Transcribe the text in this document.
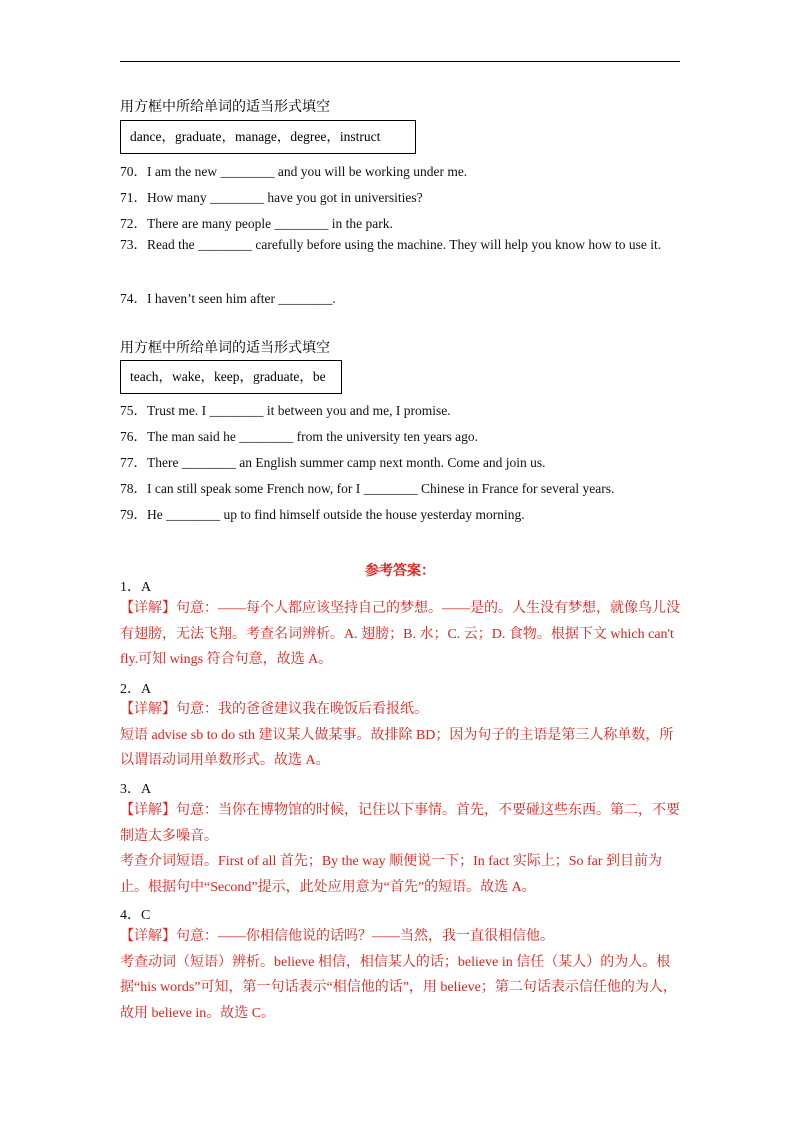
用方框中所给单词的适当形式填空
dance，graduate，manage，degree，instruct
70．I am the new ________ and you will be working under me.
71．How many ________ have you got in universities?
72．There are many people ________ in the park.
73．Read the ________ carefully before using the machine. They will help you know how to use it.
74．I haven’t seen him after ________.
用方框中所给单词的适当形式填空
teach，wake，keep，graduate，be
75．Trust me. I ________ it between you and me, I promise.
76．The man said he ________ from the university ten years ago.
77．There ________ an English summer camp next month. Come and join us.
78．I can still speak some French now, for I ________ Chinese in France for several years.
79．He ________ up to find himself outside the house yesterday morning.
参考答案：
1．A
【详解】句意：——每个人都应该坚持自己的梦想。——是的。人生没有梦想，就像鸟儿没有翅膀，无法飞翔。考查名词辨析。A. 翅膀；B. 水；C. 云；D. 食物。根据下文 which can't fly.可知 wings 符合句意，故选 A。
2．A
【详解】句意：我的爸爸建议我在晚饭后看报纸。
短语 advise sb to do sth 建议某人做某事。故排除 BD；因为句子的主语是第三人称单数，所以谓语动词用单数形式。故选 A。
3．A
【详解】句意：当你在博物馆的时候，记住以下事情。首先，不要碰这些东西。第二，不要制造太多噪音。
考查介词短语。First of all 首先；By the way 顺便说一下；In fact 实际上；So far 到目前为止。根据句中“Second”提示，此处应用意为“首先”的短语。故选 A。
4．C
【详解】句意：——你相信他说的话吗？——当然，我一直很相信他。
考查动词（短语）辨析。believe 相信，相信某人的话；believe in 信任（某人）的为人。根据“his words”可知，第一句话表示“相信他的话”，用 believe；第二句话表示信任他的为人，故用 believe in。故选 C。
